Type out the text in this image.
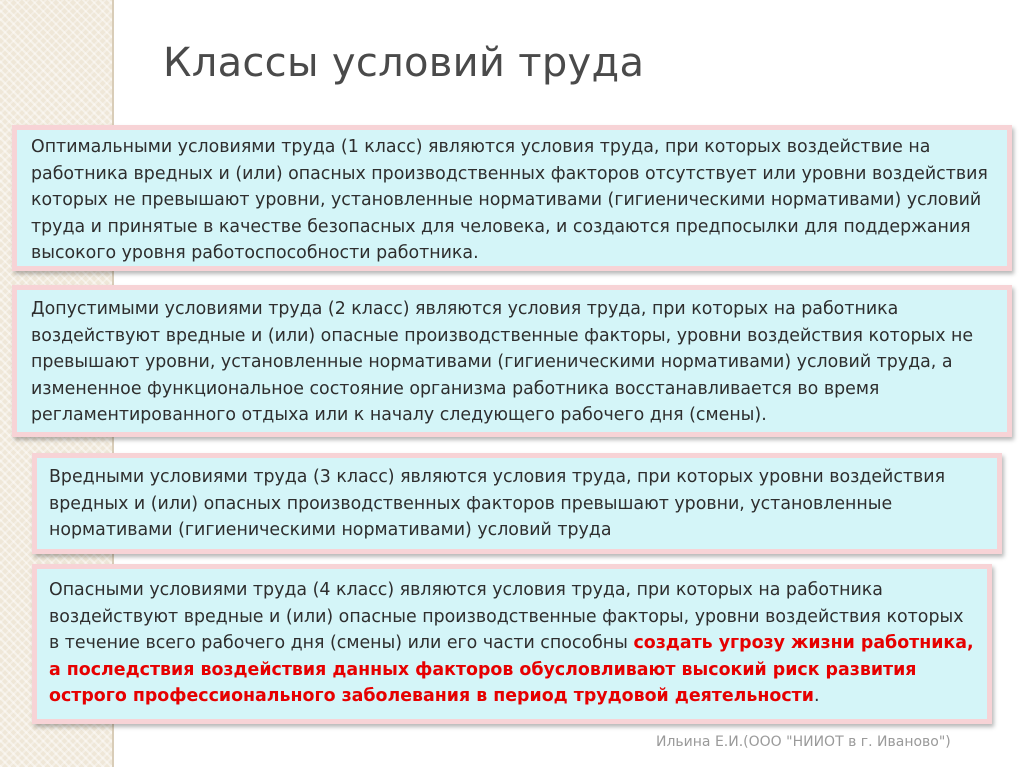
Классы условий труда

Оптимальными условиями труда (1 класс) являются условия труда, при которых воздействие на работника вредных и (или) опасных производственных факторов отсутствует или уровни воздействия которых не превышают уровни, установленные нормативами (гигиеническими нормативами) условий труда и принятые в качестве безопасных для человека, и создаются предпосылки для поддержания высокого уровня работоспособности работника.

Допустимыми условиями труда (2 класс) являются условия труда, при которых на работника воздействуют вредные и (или) опасные производственные факторы, уровни воздействия которых не превышают уровни, установленные нормативами (гигиеническими нормативами) условий труда, а измененное функциональное состояние организма работника восстанавливается во время регламентированного отдыха или к началу следующего рабочего дня (смены).

Вредными условиями труда (3 класс) являются условия труда, при которых уровни воздействия вредных и (или) опасных производственных факторов превышают уровни, установленные нормативами (гигиеническими нормативами) условий труда

Опасными условиями труда (4 класс) являются условия труда, при которых на работника воздействуют вредные и (или) опасные производственные факторы, уровни воздействия которых в течение всего рабочего дня (смены) или его части способны создать угрозу жизни работника, а последствия воздействия данных факторов обусловливают высокий риск развития острого профессионального заболевания в период трудовой деятельности.

Ильина Е.И.(ООО "НИИОТ в г. Иваново")
